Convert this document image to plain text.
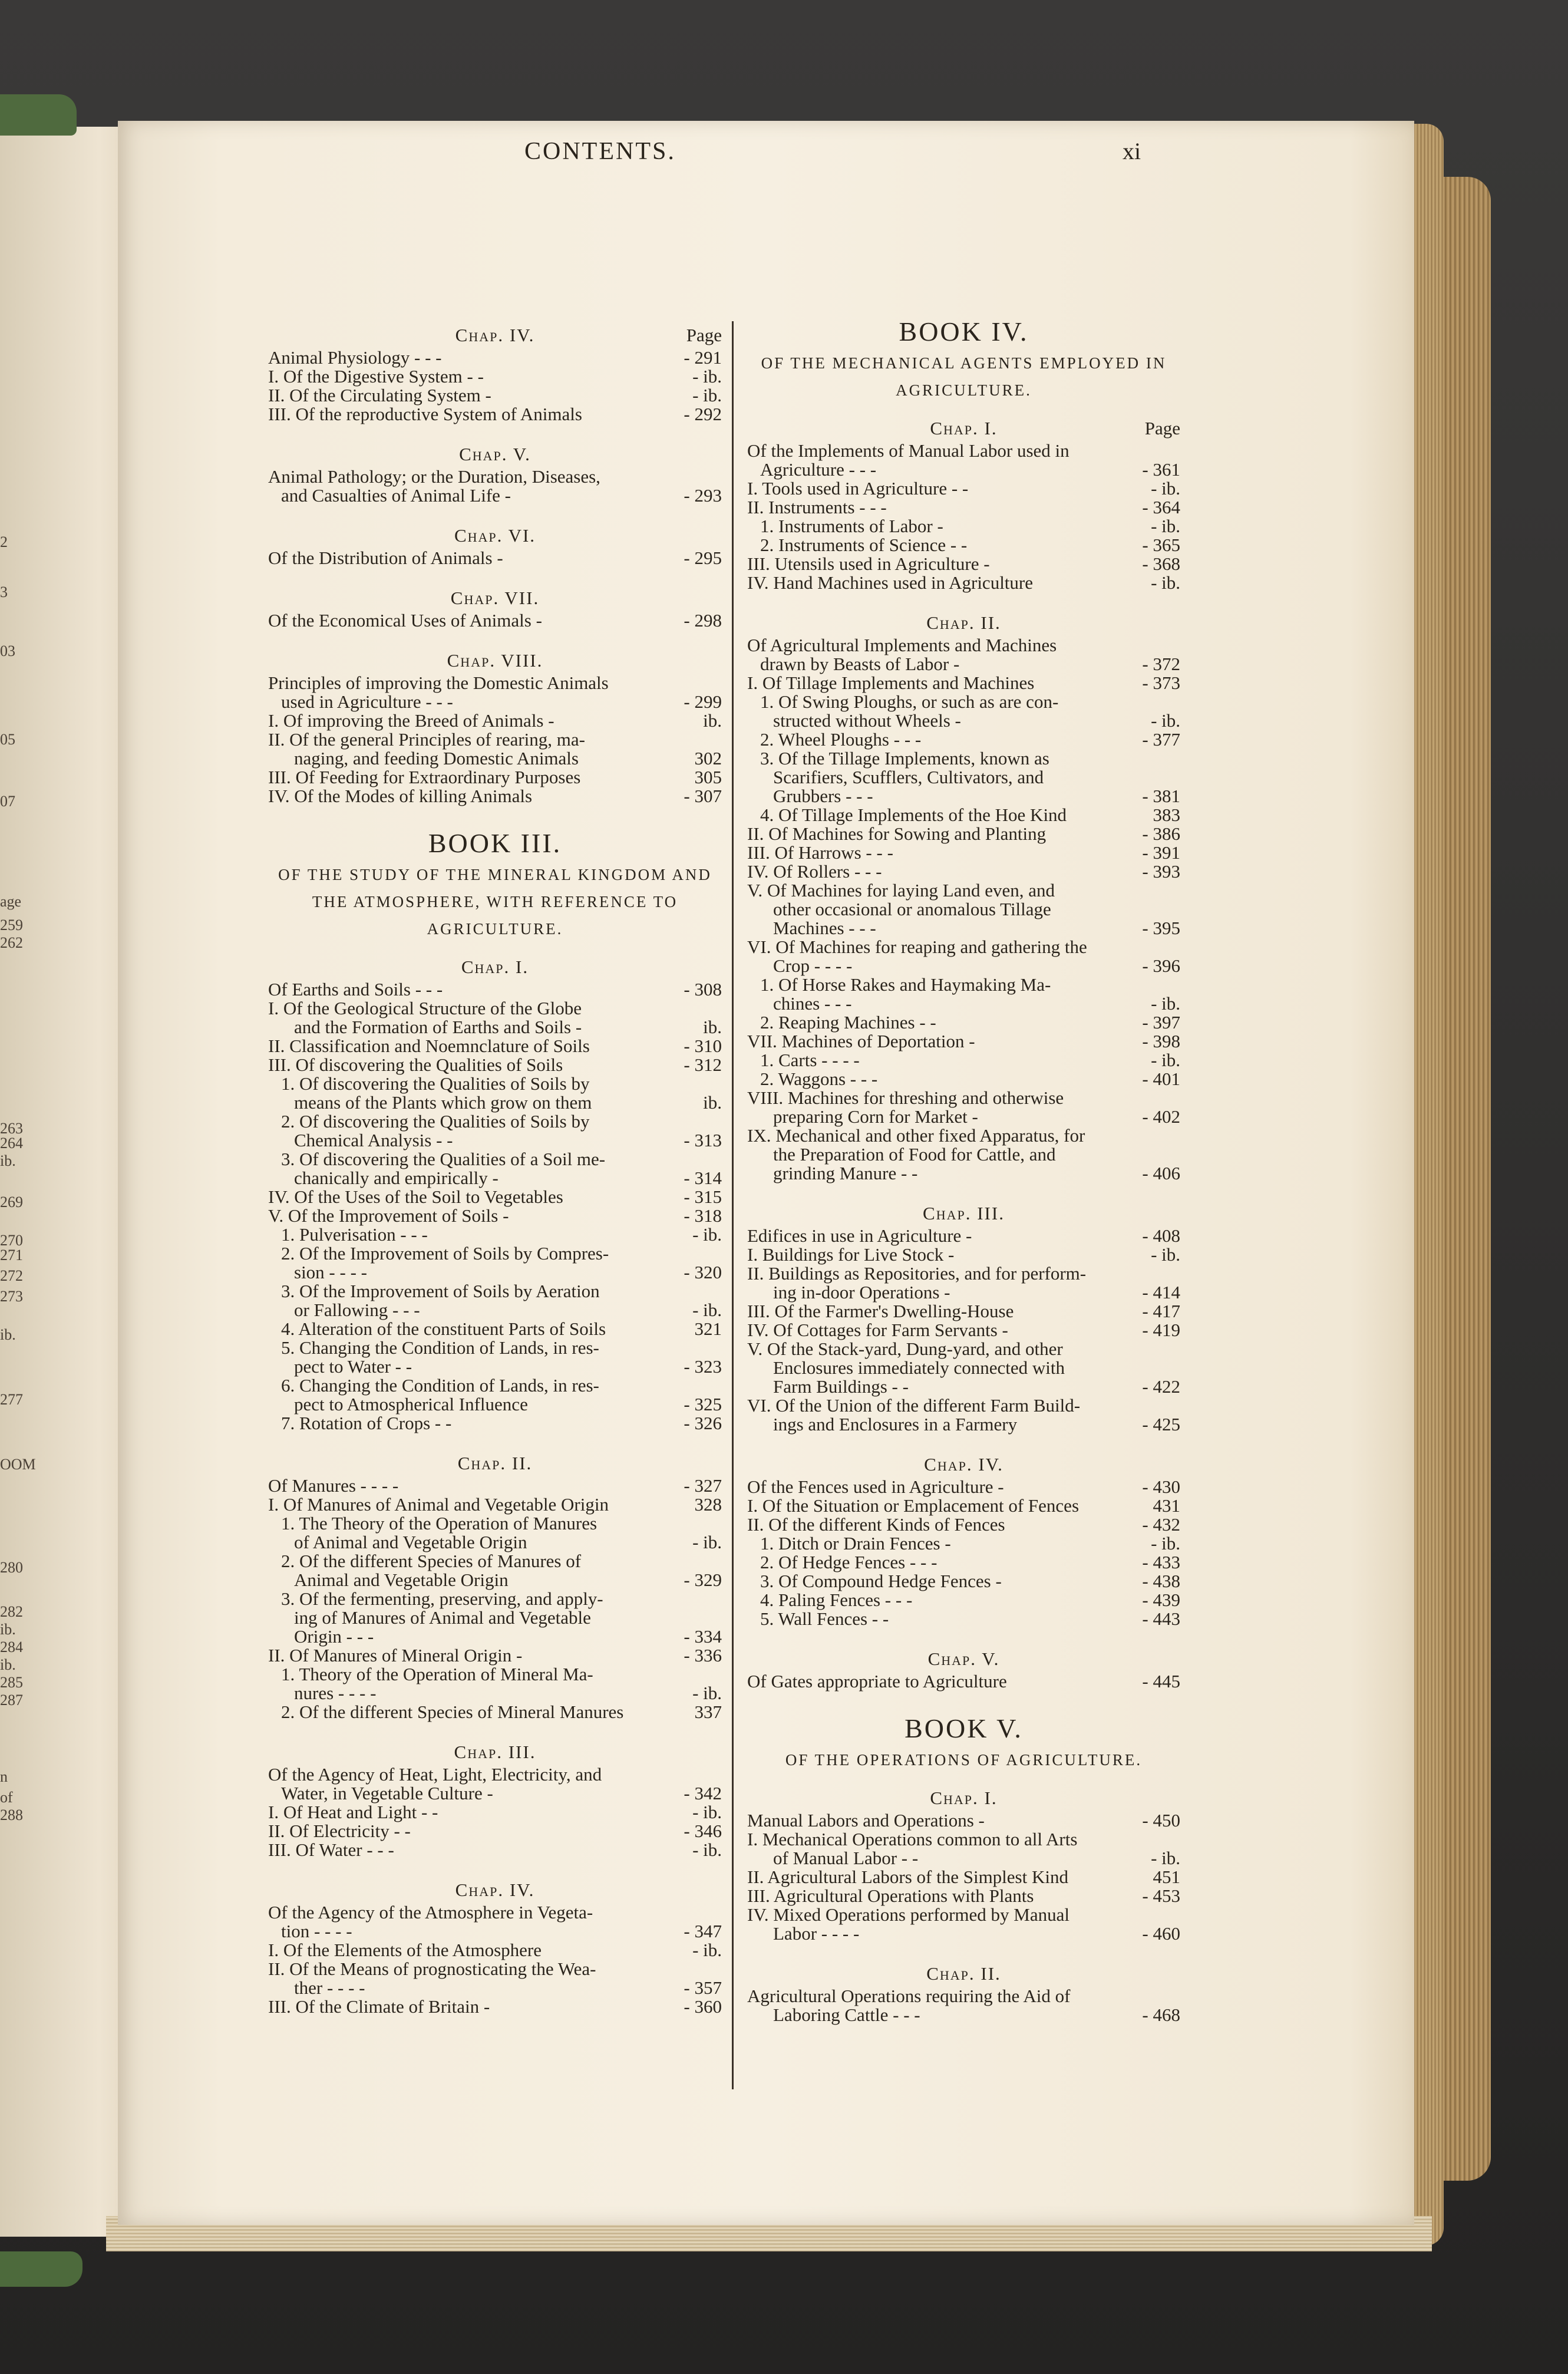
2
3
03
05
07
age
259
262
263
264
ib.
269
270
271
272
273
ib.
277
OOM
280
282
ib.
284
ib.
285
287
n
of
288
CONTENTS.	xi
Chap. IV.	Page
Animal Physiology - - -	- 291
I. Of the Digestive System - -	- ib.
II. Of the Circulating System -	- ib.
III. Of the reproductive System of Animals	- 292
Chap. V.
Animal Pathology; or the Duration, Diseases,
and Casualties of Animal Life -	- 293
Chap. VI.
Of the Distribution of Animals -	- 295
Chap. VII.
Of the Economical Uses of Animals -	- 298
Chap. VIII.
Principles of improving the Domestic Animals
used in Agriculture - - -	- 299
I. Of improving the Breed of Animals -	ib.
II. Of the general Principles of rearing, ma-
naging, and feeding Domestic Animals	302
III. Of Feeding for Extraordinary Purposes	305
IV. Of the Modes of killing Animals	- 307
BOOK III.
OF THE STUDY OF THE MINERAL KINGDOM AND THE ATMOSPHERE, WITH REFERENCE TO AGRICULTURE.
Chap. I.
Of Earths and Soils - - -	- 308
I. Of the Geological Structure of the Globe
and the Formation of Earths and Soils -	ib.
II. Classification and Noemnclature of Soils	- 310
III. Of discovering the Qualities of Soils	- 312
1. Of discovering the Qualities of Soils by
means of the Plants which grow on them	ib.
2. Of discovering the Qualities of Soils by
Chemical Analysis - -	- 313
3. Of discovering the Qualities of a Soil me-
chanically and empirically -	- 314
IV. Of the Uses of the Soil to Vegetables	- 315
V. Of the Improvement of Soils -	- 318
1. Pulverisation - - -	- ib.
2. Of the Improvement of Soils by Compres-
sion - - - -	- 320
3. Of the Improvement of Soils by Aeration
or Fallowing - - -	- ib.
4. Alteration of the constituent Parts of Soils	321
5. Changing the Condition of Lands, in res-
pect to Water - -	- 323
6. Changing the Condition of Lands, in res-
pect to Atmospherical Influence	- 325
7. Rotation of Crops - -	- 326
Chap. II.
Of Manures - - - -	- 327
I. Of Manures of Animal and Vegetable Origin	328
1. The Theory of the Operation of Manures
of Animal and Vegetable Origin	- ib.
2. Of the different Species of Manures of
Animal and Vegetable Origin	- 329
3. Of the fermenting, preserving, and apply-
ing of Manures of Animal and Vegetable
Origin - - -	- 334
II. Of Manures of Mineral Origin -	- 336
1. Theory of the Operation of Mineral Ma-
nures - - - -	- ib.
2. Of the different Species of Mineral Manures	337
Chap. III.
Of the Agency of Heat, Light, Electricity, and
Water, in Vegetable Culture -	- 342
I. Of Heat and Light - -	- ib.
II. Of Electricity - -	- 346
III. Of Water - - -	- ib.
Chap. IV.
Of the Agency of the Atmosphere in Vegeta-
tion - - - -	- 347
I. Of the Elements of the Atmosphere	- ib.
II. Of the Means of prognosticating the Wea-
ther - - - -	- 357
III. Of the Climate of Britain -	- 360
BOOK IV.
OF THE MECHANICAL AGENTS EMPLOYED IN AGRICULTURE.
Chap. I.	Page
Of the Implements of Manual Labor used in
Agriculture - - -	- 361
I. Tools used in Agriculture - -	- ib.
II. Instruments - - -	- 364
1. Instruments of Labor -	- ib.
2. Instruments of Science - -	- 365
III. Utensils used in Agriculture -	- 368
IV. Hand Machines used in Agriculture	- ib.
Chap. II.
Of Agricultural Implements and Machines
drawn by Beasts of Labor -	- 372
I. Of Tillage Implements and Machines	- 373
1. Of Swing Ploughs, or such as are con-
structed without Wheels -	- ib.
2. Wheel Ploughs - - -	- 377
3. Of the Tillage Implements, known as
Scarifiers, Scufflers, Cultivators, and
Grubbers - - -	- 381
4. Of Tillage Implements of the Hoe Kind	383
II. Of Machines for Sowing and Planting	- 386
III. Of Harrows - - -	- 391
IV. Of Rollers - - -	- 393
V. Of Machines for laying Land even, and
other occasional or anomalous Tillage
Machines - - -	- 395
VI. Of Machines for reaping and gathering the
Crop - - - -	- 396
1. Of Horse Rakes and Haymaking Ma-
chines - - -	- ib.
2. Reaping Machines - -	- 397
VII. Machines of Deportation -	- 398
1. Carts - - - -	- ib.
2. Waggons - - -	- 401
VIII. Machines for threshing and otherwise
preparing Corn for Market -	- 402
IX. Mechanical and other fixed Apparatus, for
the Preparation of Food for Cattle, and
grinding Manure - -	- 406
Chap. III.
Edifices in use in Agriculture -	- 408
I. Buildings for Live Stock -	- ib.
II. Buildings as Repositories, and for perform-
ing in-door Operations -	- 414
III. Of the Farmer's Dwelling-House	- 417
IV. Of Cottages for Farm Servants -	- 419
V. Of the Stack-yard, Dung-yard, and other
Enclosures immediately connected with
Farm Buildings - -	- 422
VI. Of the Union of the different Farm Build-
ings and Enclosures in a Farmery	- 425
Chap. IV.
Of the Fences used in Agriculture -	- 430
I. Of the Situation or Emplacement of Fences	431
II. Of the different Kinds of Fences	- 432
1. Ditch or Drain Fences -	- ib.
2. Of Hedge Fences - - -	- 433
3. Of Compound Hedge Fences -	- 438
4. Paling Fences - - -	- 439
5. Wall Fences - -	- 443
Chap. V.
Of Gates appropriate to Agriculture	- 445
BOOK V.
OF THE OPERATIONS OF AGRICULTURE.
Chap. I.
Manual Labors and Operations -	- 450
I. Mechanical Operations common to all Arts
of Manual Labor - -	- ib.
II. Agricultural Labors of the Simplest Kind	451
III. Agricultural Operations with Plants	- 453
IV. Mixed Operations performed by Manual
Labor - - - -	- 460
Chap. II.
Agricultural Operations requiring the Aid of
Laboring Cattle - - -	- 468
